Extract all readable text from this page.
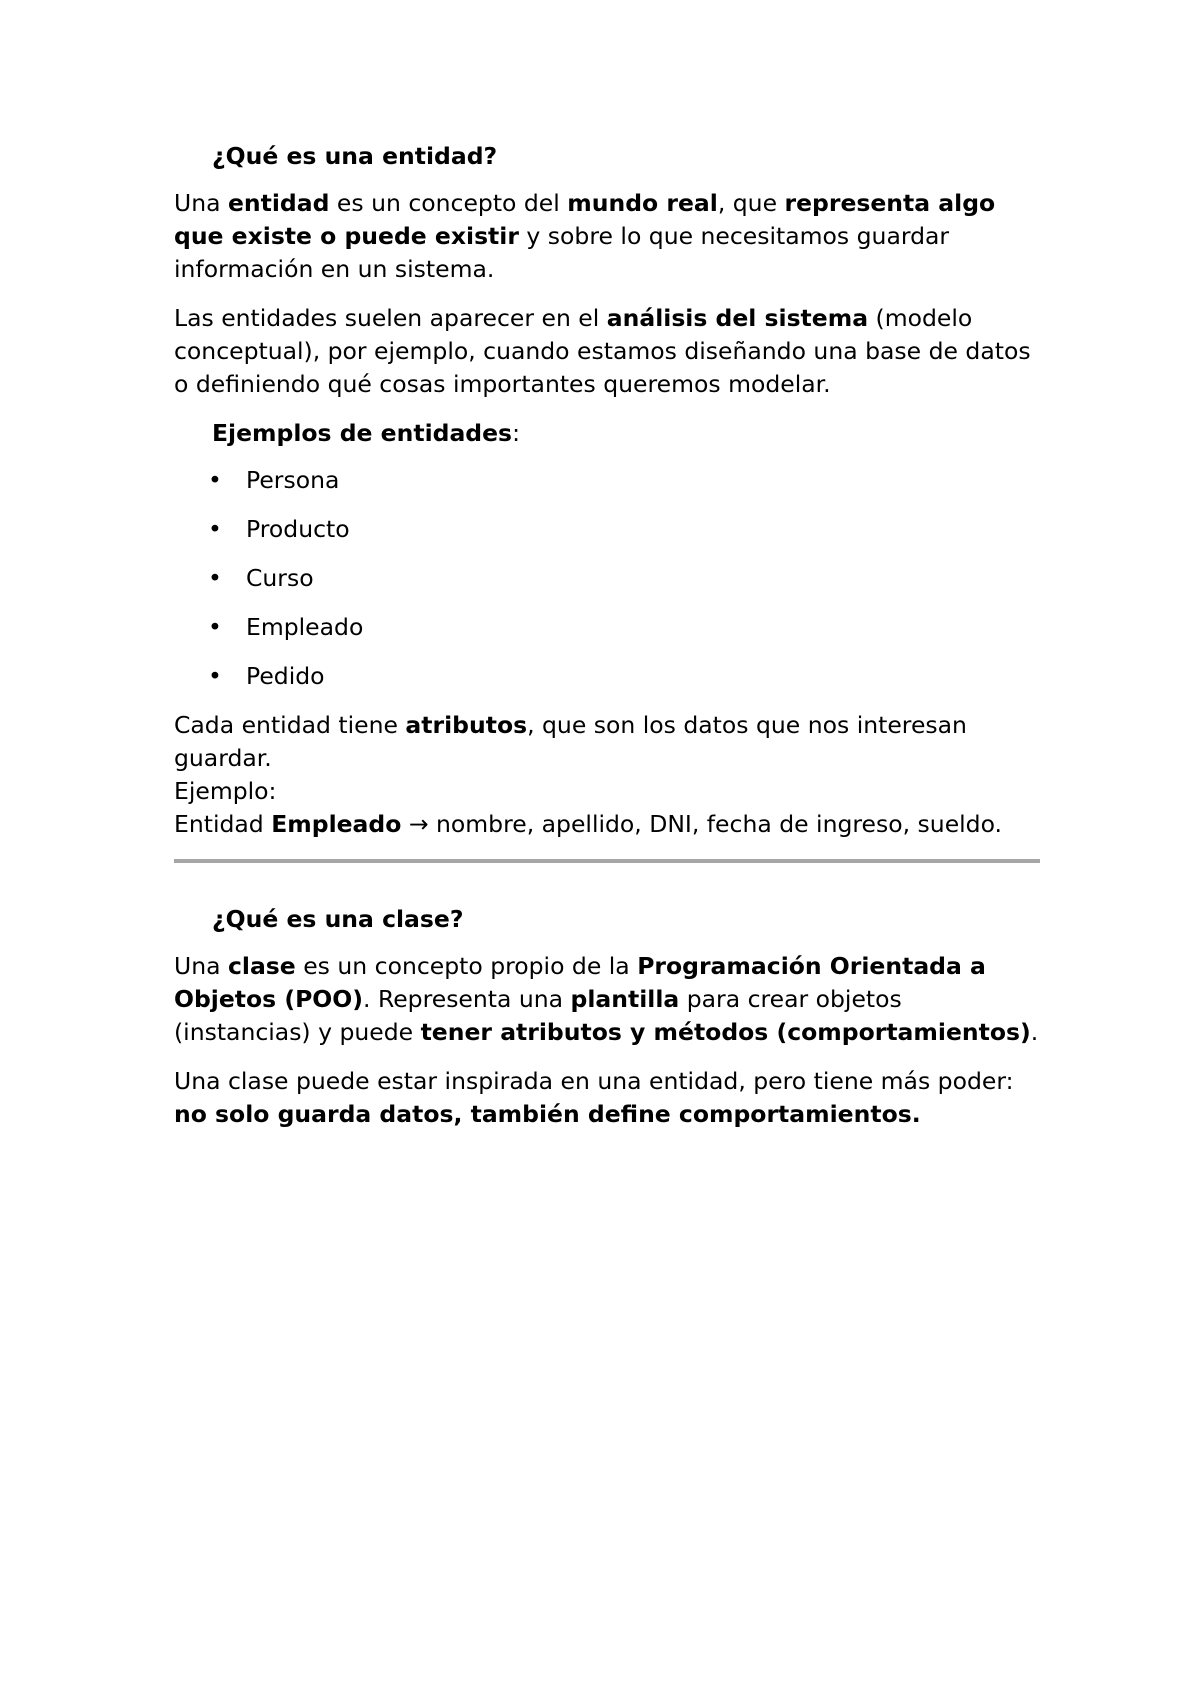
¿Qué es una entidad?
Una entidad es un concepto del mundo real, que representa algo que existe o puede existir y sobre lo que necesitamos guardar información en un sistema.
Las entidades suelen aparecer en el análisis del sistema (modelo conceptual), por ejemplo, cuando estamos diseñando una base de datos o definiendo qué cosas importantes queremos modelar.
Ejemplos de entidades:
• Persona
• Producto
• Curso
• Empleado
• Pedido
Cada entidad tiene atributos, que son los datos que nos interesan guardar.
Ejemplo:
Entidad Empleado → nombre, apellido, DNI, fecha de ingreso, sueldo.
¿Qué es una clase?
Una clase es un concepto propio de la Programación Orientada a Objetos (POO). Representa una plantilla para crear objetos (instancias) y puede tener atributos y métodos (comportamientos).
Una clase puede estar inspirada en una entidad, pero tiene más poder: no solo guarda datos, también define comportamientos.
